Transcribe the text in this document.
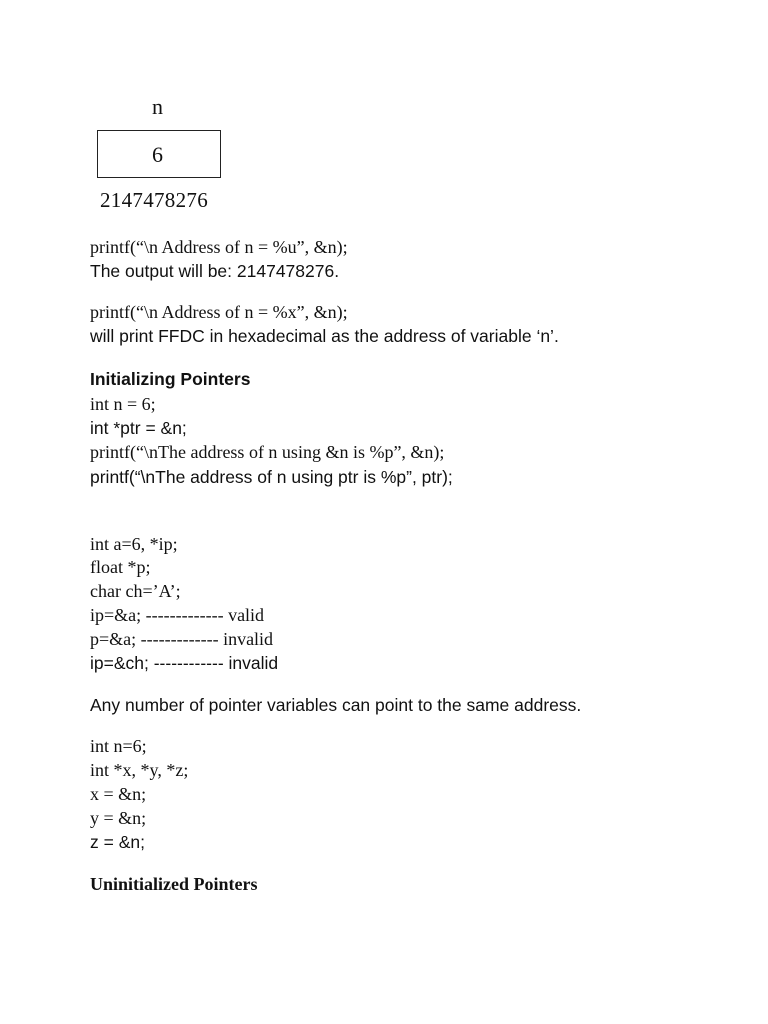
n
6
2147478276
printf(“\n Address of n = %u”, &n);
The output will be: 2147478276.
printf(“\n Address of n = %x”, &n);
will print FFDC in hexadecimal as the address of variable ‘n’.
Initializing Pointers
int n = 6;
int *ptr = &n;
printf(“\nThe address of n using &n is %p”, &n);
printf(“\nThe address of n using ptr is %p”, ptr);
int a=6, *ip;
float *p;
char ch=’A’;
ip=&a; ------------- valid
p=&a; ------------- invalid
ip=&ch; ------------ invalid
Any number of pointer variables can point to the same address.
int n=6;
int *x, *y, *z;
x = &n;
y = &n;
z = &n;
Uninitialized Pointers
